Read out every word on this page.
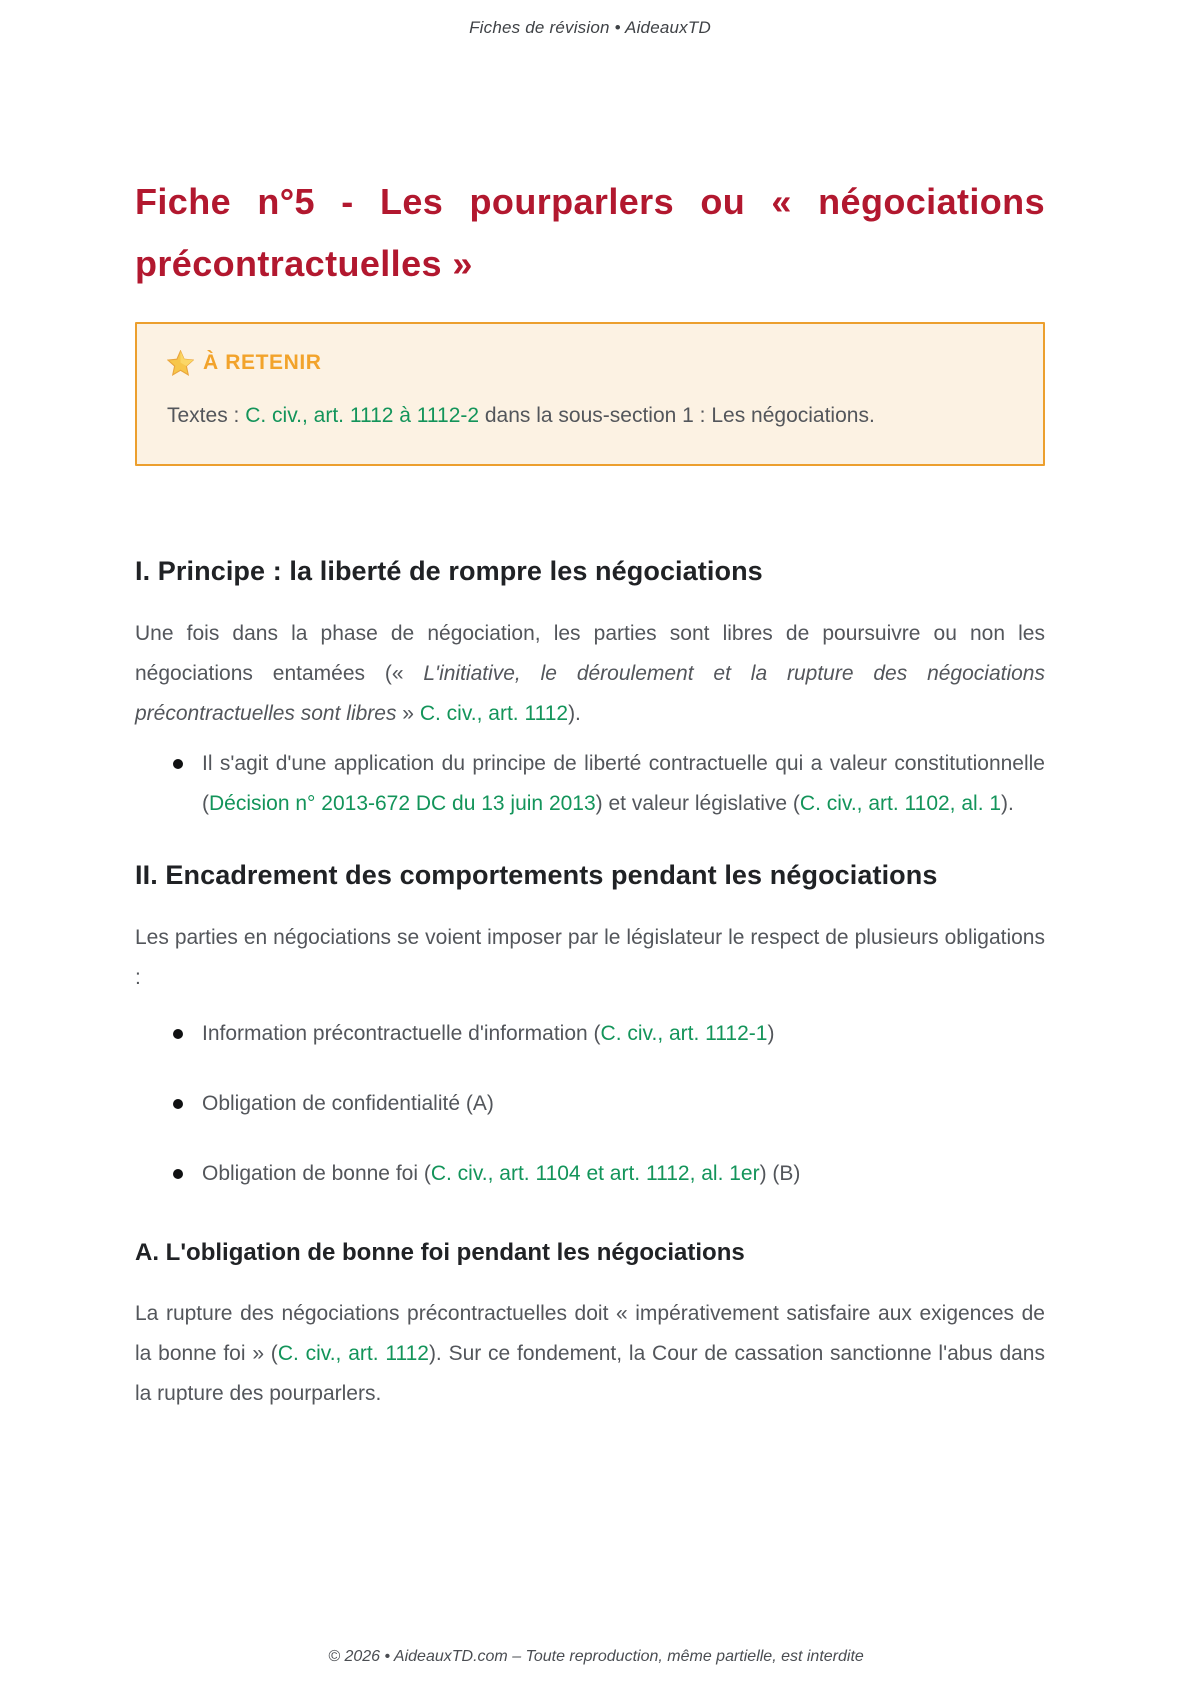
Fiches de révision • AideauxTD
Fiche n°5 - Les pourparlers ou « négociations précontractuelles »
À RETENIR
Textes : C. civ., art. 1112 à 1112-2 dans la sous-section 1 : Les négociations.
I. Principe : la liberté de rompre les négociations

Une fois dans la phase de négociation, les parties sont libres de poursuivre ou non les négociations entamées (« L'initiative, le déroulement et la rupture des négociations précontractuelles sont libres » C. civ., art. 1112).

Il s'agit d'une application du principe de liberté contractuelle qui a valeur constitutionnelle (Décision n° 2013-672 DC du 13 juin 2013) et valeur législative (C. civ., art. 1102, al. 1).
II. Encadrement des comportements pendant les négociations

Les parties en négociations se voient imposer par le législateur le respect de plusieurs obligations :

Information précontractuelle d'information (C. civ., art. 1112-1)
Obligation de confidentialité (A)
Obligation de bonne foi (C. civ., art. 1104 et art. 1112, al. 1er) (B)
A. L'obligation de bonne foi pendant les négociations

La rupture des négociations précontractuelles doit « impérativement satisfaire aux exigences de la bonne foi » (C. civ., art. 1112). Sur ce fondement, la Cour de cassation sanctionne l'abus dans la rupture des pourparlers.

© 2026 • AideauxTD.com – Toute reproduction, même partielle, est interdite
